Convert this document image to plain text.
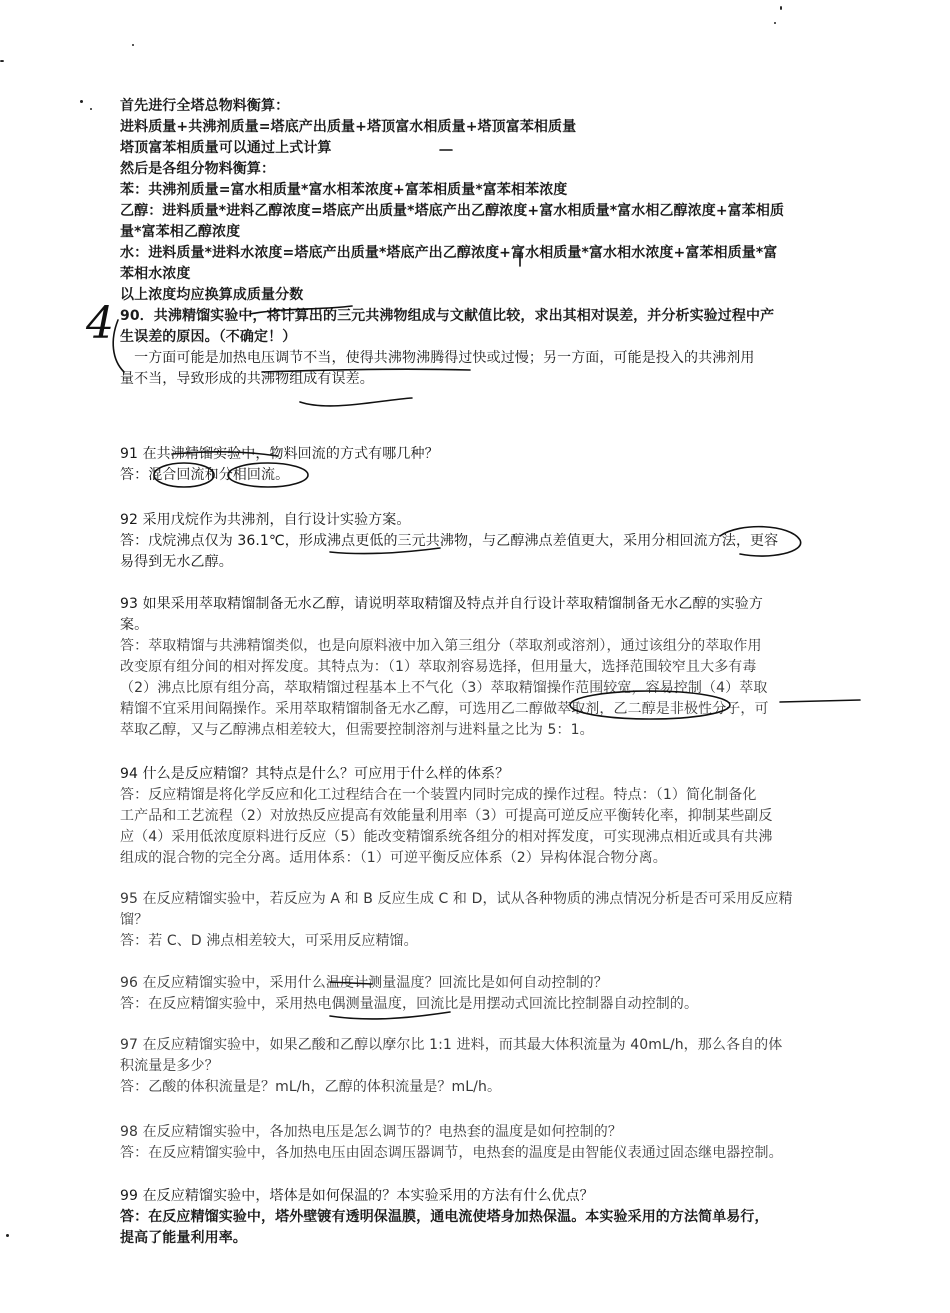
首先进行全塔总物料衡算：
进料质量+共沸剂质量=塔底产出质量+塔顶富水相质量+塔顶富苯相质量
塔顶富苯相质量可以通过上式计算
然后是各组分物料衡算：
苯：共沸剂质量=富水相质量*富水相苯浓度+富苯相质量*富苯相苯浓度
乙醇：进料质量*进料乙醇浓度=塔底产出质量*塔底产出乙醇浓度+富水相质量*富水相乙醇浓度+富苯相质
量*富苯相乙醇浓度
水：进料质量*进料水浓度=塔底产出质量*塔底产出乙醇浓度+富水相质量*富水相水浓度+富苯相质量*富
苯相水浓度
以上浓度均应换算成质量分数
90．共沸精馏实验中，将计算出的三元共沸物组成与文献值比较，求出其相对误差，并分析实验过程中产
生误差的原因。（不确定！）
　一方面可能是加热电压调节不当，使得共沸物沸腾得过快或过慢；另一方面，可能是投入的共沸剂用
量不当，导致形成的共沸物组成有误差。
91 在共沸精馏实验中，物料回流的方式有哪几种？
答：混合回流和分相回流。
92 采用戊烷作为共沸剂，自行设计实验方案。
答：戊烷沸点仅为 36.1℃，形成沸点更低的三元共沸物，与乙醇沸点差值更大，采用分相回流方法，更容
易得到无水乙醇。
93 如果采用萃取精馏制备无水乙醇，请说明萃取精馏及特点并自行设计萃取精馏制备无水乙醇的实验方
案。
答：萃取精馏与共沸精馏类似，也是向原料液中加入第三组分（萃取剂或溶剂），通过该组分的萃取作用
改变原有组分间的相对挥发度。其特点为：（1）萃取剂容易选择，但用量大，选择范围较窄且大多有毒
（2）沸点比原有组分高，萃取精馏过程基本上不气化（3）萃取精馏操作范围较宽，容易控制（4）萃取
精馏不宜采用间隔操作。采用萃取精馏制备无水乙醇，可选用乙二醇做萃取剂，乙二醇是非极性分子，可
萃取乙醇，又与乙醇沸点相差较大，但需要控制溶剂与进料量之比为 5：1。
94 什么是反应精馏？其特点是什么？可应用于什么样的体系？
答：反应精馏是将化学反应和化工过程结合在一个装置内同时完成的操作过程。特点：（1）简化制备化
工产品和工艺流程（2）对放热反应提高有效能量利用率（3）可提高可逆反应平衡转化率，抑制某些副反
应（4）采用低浓度原料进行反应（5）能改变精馏系统各组分的相对挥发度，可实现沸点相近或具有共沸
组成的混合物的完全分离。适用体系：（1）可逆平衡反应体系（2）异构体混合物分离。
95 在反应精馏实验中，若反应为 A 和 B 反应生成 C 和 D，试从各种物质的沸点情况分析是否可采用反应精
馏？
答：若 C、D 沸点相差较大，可采用反应精馏。
96 在反应精馏实验中，采用什么温度计测量温度？回流比是如何自动控制的？
答：在反应精馏实验中，采用热电偶测量温度，回流比是用摆动式回流比控制器自动控制的。
97 在反应精馏实验中，如果乙酸和乙醇以摩尔比 1:1 进料，而其最大体积流量为 40mL/h，那么各自的体
积流量是多少？
答：乙酸的体积流量是？mL/h，乙醇的体积流量是？mL/h。
98 在反应精馏实验中，各加热电压是怎么调节的？电热套的温度是如何控制的？
答：在反应精馏实验中，各加热电压由固态调压器调节，电热套的温度是由智能仪表通过固态继电器控制。
99 在反应精馏实验中，塔体是如何保温的？本实验采用的方法有什么优点？
答：在反应精馏实验中，塔外壁镀有透明保温膜，通电流使塔身加热保温。本实验采用的方法简单易行，
提高了能量利用率。
4
